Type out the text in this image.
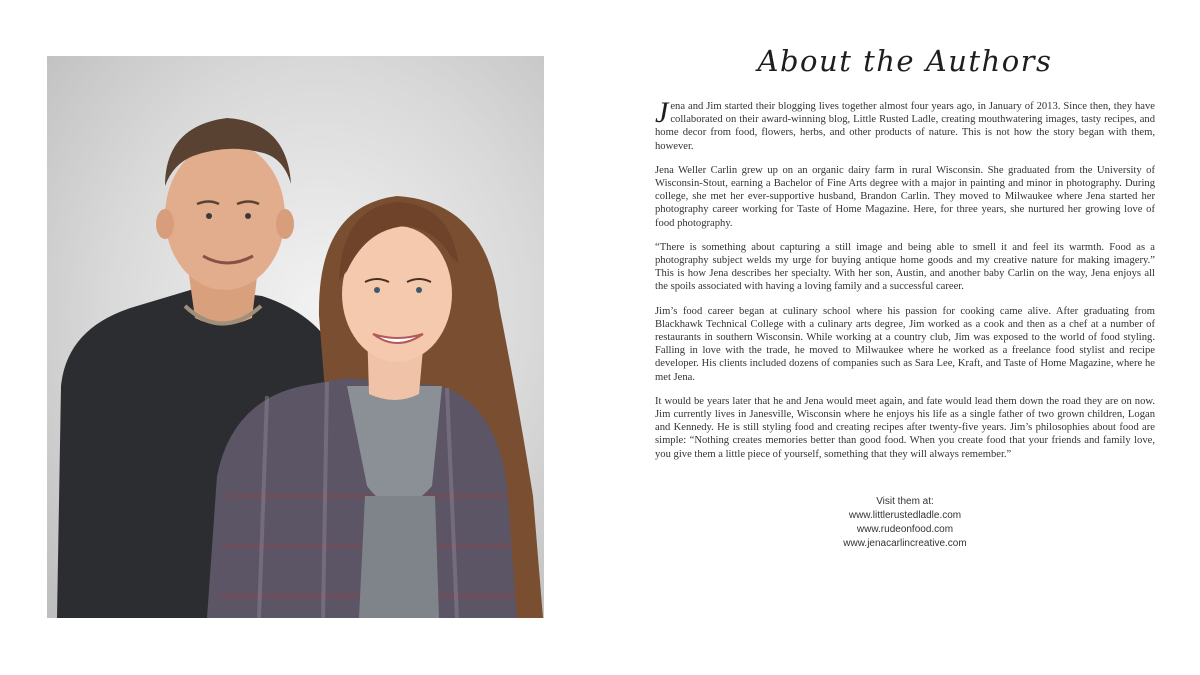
About the Authors

Jena and Jim started their blogging lives together almost four years ago, in January of 2013. Since then, they have collaborated on their award-winning blog, Little Rusted Ladle, creating mouthwatering images, tasty recipes, and home decor from food, flowers, herbs, and other products of nature. This is not how the story began with them, however.

Jena Weller Carlin grew up on an organic dairy farm in rural Wisconsin. She graduated from the University of Wisconsin-Stout, earning a Bachelor of Fine Arts degree with a major in painting and minor in photography. During college, she met her ever-supportive husband, Brandon Carlin. They moved to Milwaukee where Jena started her photography career working for Taste of Home Magazine. Here, for three years, she nurtured her growing love of food photography.

“There is something about capturing a still image and being able to smell it and feel its warmth. Food as a photography subject welds my urge for buying antique home goods and my creative nature for making imagery.” This is how Jena describes her specialty. With her son, Austin, and another baby Carlin on the way, Jena enjoys all the spoils associated with having a loving family and a successful career.

Jim’s food career began at culinary school where his passion for cooking came alive. After graduating from Blackhawk Technical College with a culinary arts degree, Jim worked as a cook and then as a chef at a number of restaurants in southern Wisconsin. While working at a country club, Jim was exposed to the world of food styling. Falling in love with the trade, he moved to Milwaukee where he worked as a freelance food stylist and recipe developer. His clients included dozens of companies such as Sara Lee, Kraft, and Taste of Home Magazine, where he met Jena.

It would be years later that he and Jena would meet again, and fate would lead them down the road they are on now. Jim currently lives in Janesville, Wisconsin where he enjoys his life as a single father of two grown children, Logan and Kennedy. He is still styling food and creating recipes after twenty-five years. Jim’s philosophies about food are simple: “Nothing creates memories better than good food. When you create food that your friends and family love, you give them a little piece of yourself, something that they will always remember.”

Visit them at:
www.littlerustedladle.com
www.rudeonfood.com
www.jenacarlincreative.com
